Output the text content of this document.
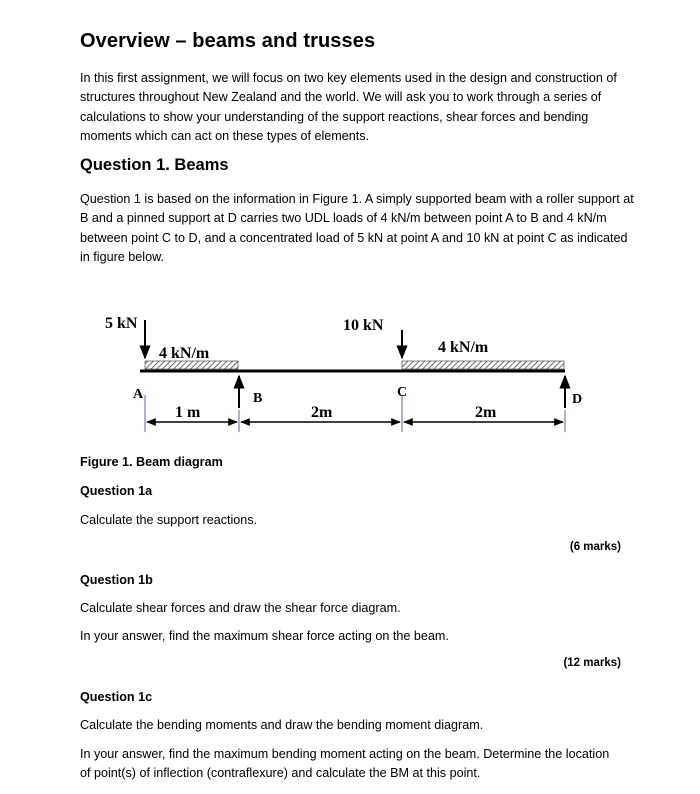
Overview – beams and trusses

In this first assignment, we will focus on two key elements used in the design and construction of structures throughout New Zealand and the world. We will ask you to work through a series of calculations to show your understanding of the support reactions, shear forces and bending moments which can act on these types of elements.

Question 1. Beams

Question 1 is based on the information in Figure 1. A simply supported beam with a roller support at B and a pinned support at D carries two UDL loads of 4 kN/m between point A to B and 4 kN/m between point C to D, and a concentrated load of 5 kN at point A and 10 kN at point C as indicated in figure below.

5 kN	10 kN
4 kN/m	4 kN/m
A	B	C	D
1 m	2m	2m
Figure 1. Beam diagram
Question 1a
Calculate the support reactions.
(6 marks)
Question 1b
Calculate shear forces and draw the shear force diagram.
In your answer, find the maximum shear force acting on the beam.
(12 marks)
Question 1c
Calculate the bending moments and draw the bending moment diagram.

In your answer, find the maximum bending moment acting on the beam. Determine the location of point(s) of inflection (contraflexure) and calculate the BM at this point.
